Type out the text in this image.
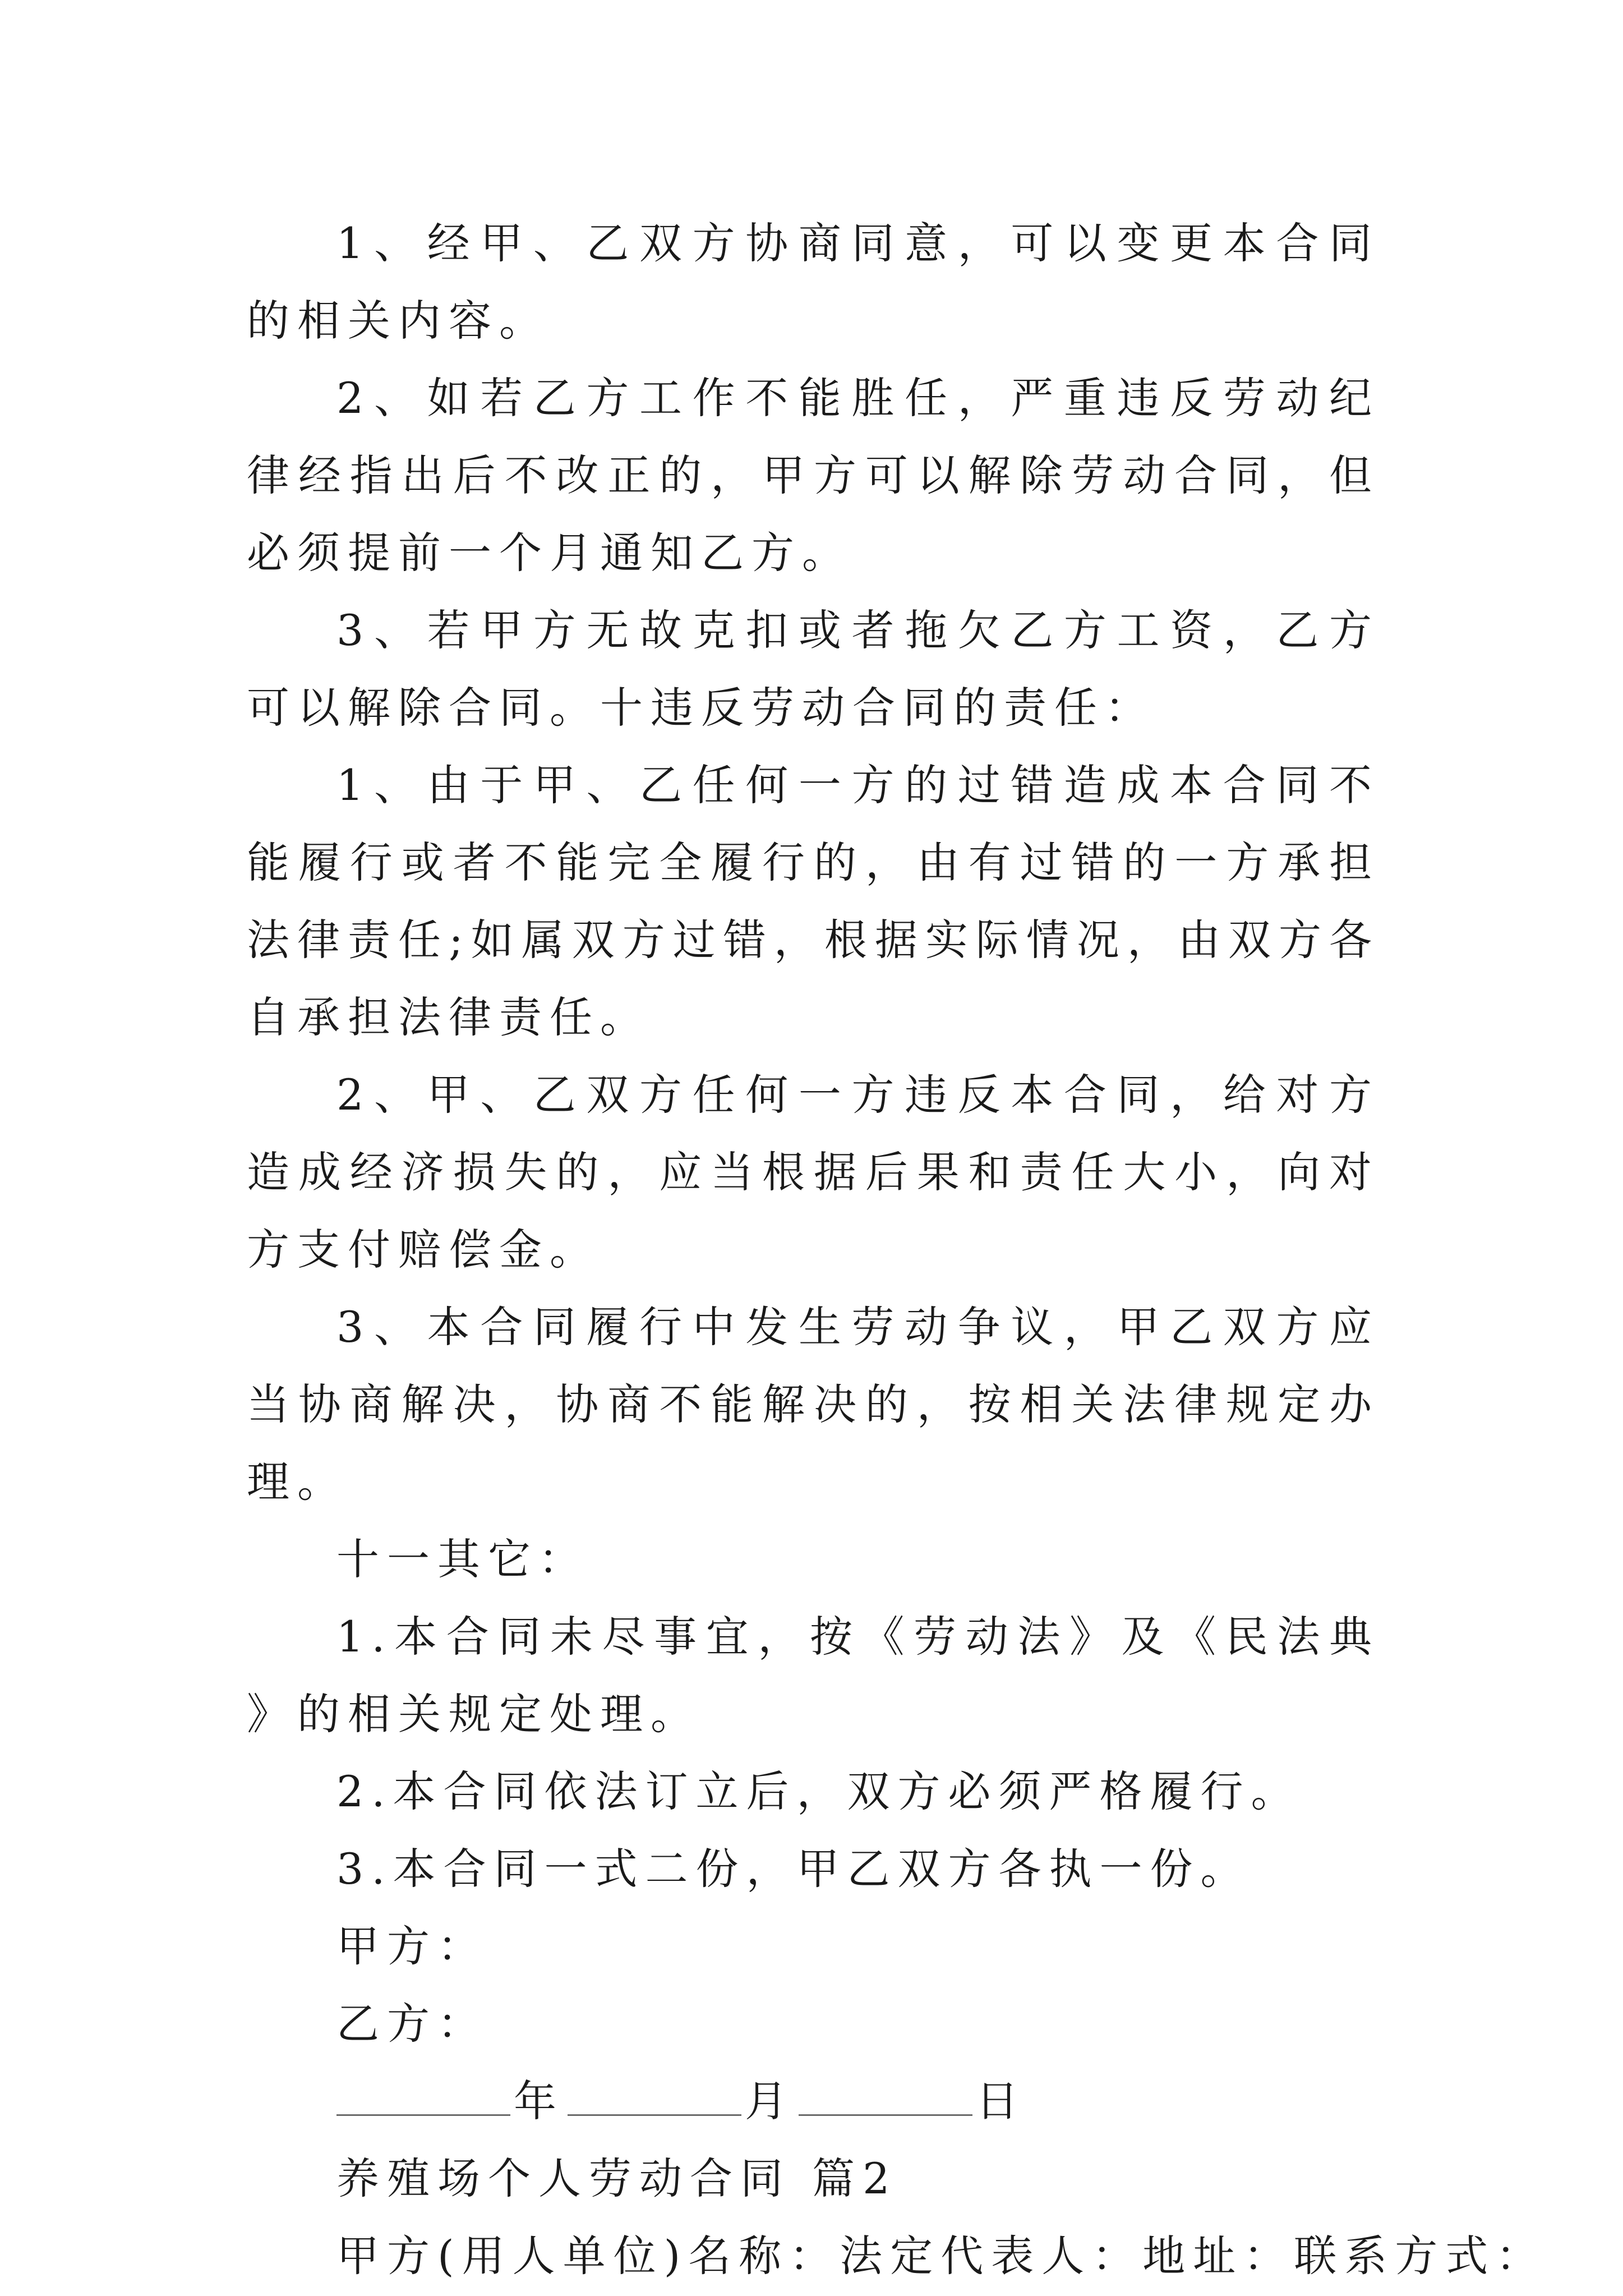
1、经甲、乙双方协商同意，可以变更本合同的相关内容。

2、如若乙方工作不能胜任，严重违反劳动纪律经指出后不改正的，甲方可以解除劳动合同，但必须提前一个月通知乙方。

3、若甲方无故克扣或者拖欠乙方工资，乙方可以解除合同。十违反劳动合同的责任：

1、由于甲、乙任何一方的过错造成本合同不能履行或者不能完全履行的，由有过错的一方承担法律责任;如属双方过错，根据实际情况，由双方各自承担法律责任。

2、甲、乙双方任何一方违反本合同，给对方造成经济损失的，应当根据后果和责任大小，向对方支付赔偿金。

3、本合同履行中发生劳动争议，甲乙双方应当协商解决，协商不能解决的，按相关法律规定办理。

十一其它：

1.本合同未尽事宜，按《劳动法》及《民法典》的相关规定处理。

2.本合同依法订立后，双方必须严格履行。

3.本合同一式二份，甲乙双方各执一份。

甲方：

乙方：

年	月	日

养殖场个人劳动合同 篇2

甲方(用人单位)名称：法定代表人：地址：联系方式：
